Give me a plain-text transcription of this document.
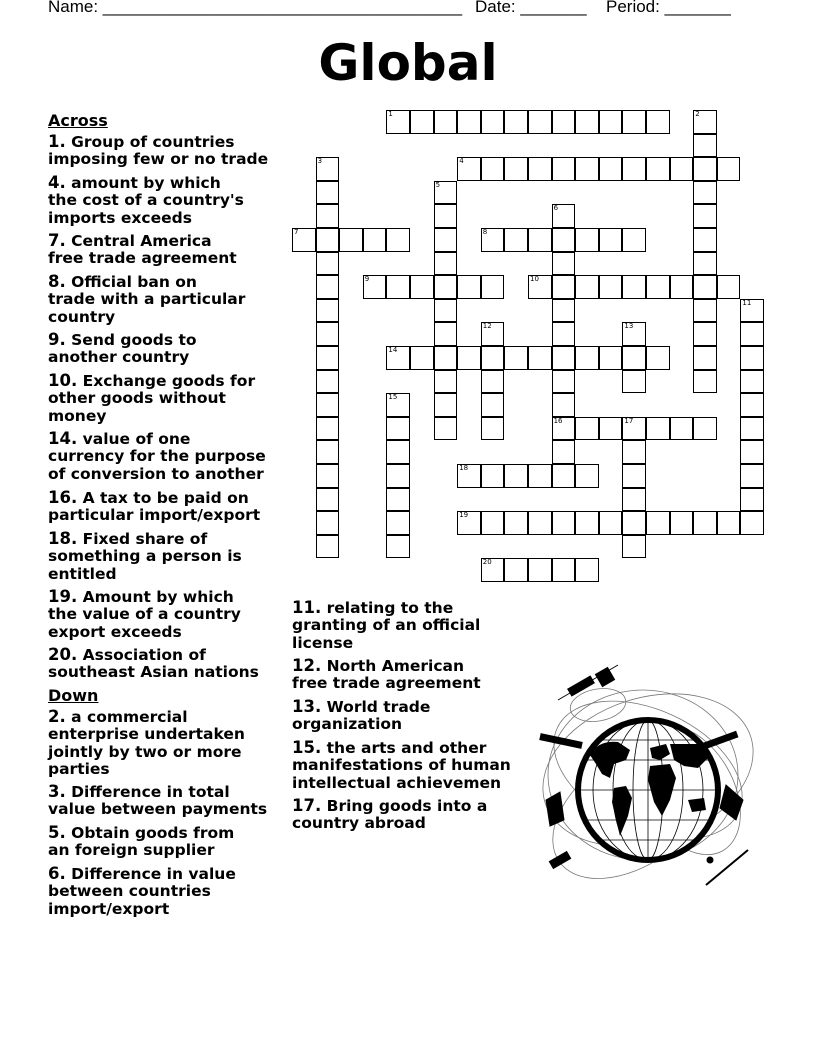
Name: ______________________________________ Date: _______ Period: _______
Global
1
4
7	8
9	10
14
16	17
18
19
20
2
3
5
6
11
12	13
15
Across
1. Group of countries
imposing few or no trade
4. amount by which
the cost of a country's
imports exceeds
7. Central America
free trade agreement
8. Official ban on
trade with a particular
country
9. Send goods to
another country
10. Exchange goods for
other goods without
money
14. value of one
currency for the purpose
of conversion to another
16. A tax to be paid on
particular import/export
18. Fixed share of
something a person is
entitled
19. Amount by which
the value of a country
export exceeds
20. Association of
southeast Asian nations
Down
2. a commercial
enterprise undertaken
jointly by two or more
parties
3. Difference in total
value between payments
5. Obtain goods from
an foreign supplier
6. Difference in value
between countries
import/export
11. relating to the
granting of an official
license
12. North American
free trade agreement
13. World trade
organization
15. the arts and other
manifestations of human
intellectual achievemen
17. Bring goods into a
country abroad
